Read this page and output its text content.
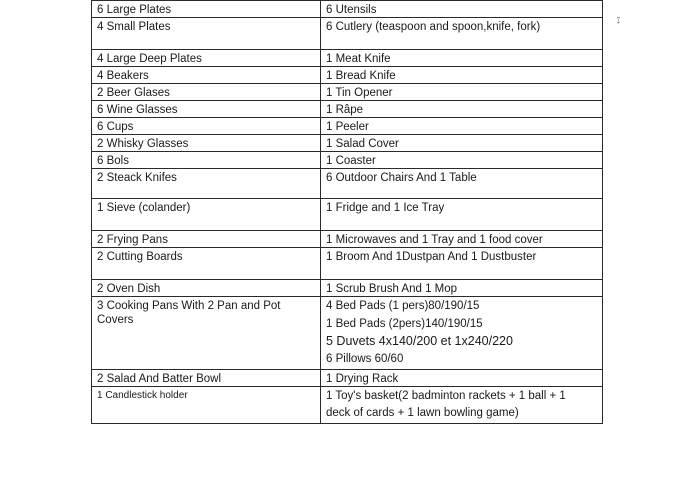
6 Large Plates	6 Utensils
4 Small Plates	6 Cutlery (teaspoon and spoon,knife, fork)
4 Large Deep Plates	1 Meat Knife
4 Beakers	1 Bread Knife
2 Beer Glases	1 Tin Opener
6 Wine Glasses	1 Râpe
6 Cups	1 Peeler
2 Whisky Glasses	1 Salad Cover
6 Bols	1 Coaster
2 Steack Knifes	6 Outdoor Chairs And 1 Table
1 Sieve (colander)	1 Fridge and 1 Ice Tray
2 Frying Pans	1 Microwaves and 1 Tray and 1 food cover
2 Cutting Boards	1 Broom And 1Dustpan And 1 Dustbuster
2 Oven Dish	1 Scrub Brush And 1 Mop
3 Cooking Pans With 2 Pan and Pot Covers	4 Bed Pads (1 pers)80/190/15
1 Bed Pads (2pers)140/190/15
5 Duvets 4x140/200 et 1x240/220
6 Pillows 60/60

2 Salad And Batter Bowl	1 Drying Rack
1 Candlestick holder	1 Toy's basket(2 badminton rackets + 1 ball + 1
deck of cards + 1 lawn bowling game)
♪
